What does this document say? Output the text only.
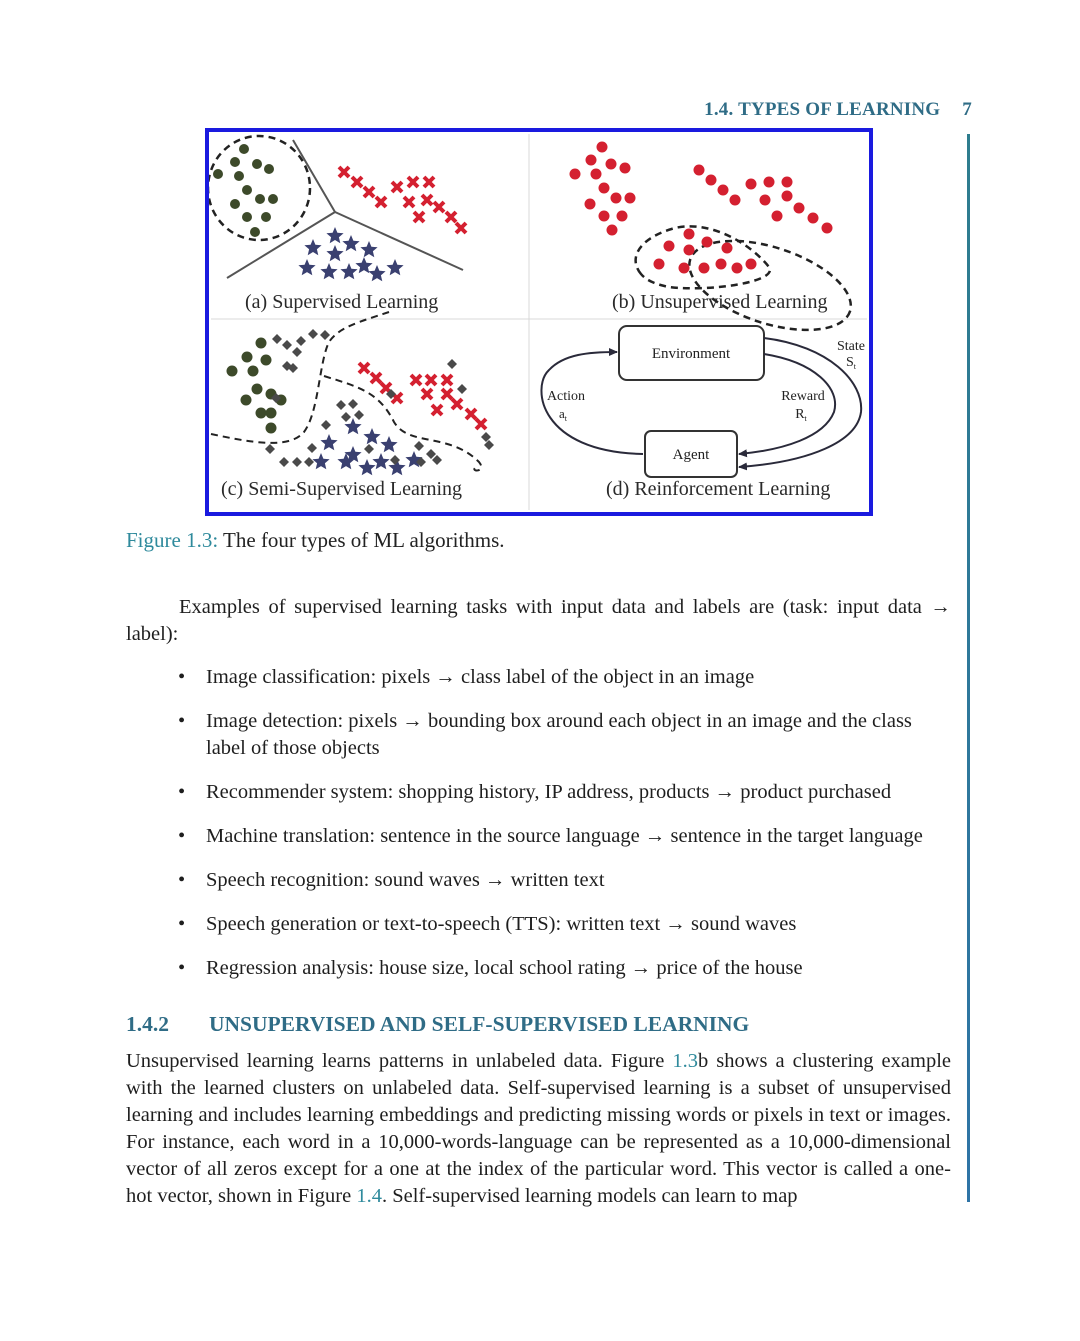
1.4. TYPES OF LEARNING 7
Environment
Agent
Action
$a_t$
Reward
$R_t$
State
$S_t$
(a) Supervised Learning	(b) Unsupervised Learning
(c) Semi-Supervised Learning	(d) Reinforcement Learning
Figure 1.3: The four types of ML algorithms.
Examples of supervised learning tasks with input data and labels are (task: input data → label):
• Image classification: pixels → class label of the object in an image
• Image detection: pixels → bounding box around each object in an image and the class label of those objects
• Recommender system: shopping history, IP address, products → product purchased
• Machine translation: sentence in the source language → sentence in the target language
• Speech recognition: sound waves → written text
• Speech generation or text-to-speech (TTS): written text → sound waves
• Regression analysis: house size, local school rating → price of the house
1.4.2 UNSUPERVISED AND SELF-SUPERVISED LEARNING
Unsupervised learning learns patterns in unlabeled data. Figure 1.3b shows a clustering example with the learned clusters on unlabeled data. Self-supervised learning is a subset of unsupervised learning and includes learning embeddings and predicting missing words or pixels in text or images. For instance, each word in a 10,000-words-language can be represented as a 10,000-dimensional vector of all zeros except for a one at the index of the particular word. This vector is called a one-hot vector, shown in Figure 1.4. Self-supervised learning models can learn to map
